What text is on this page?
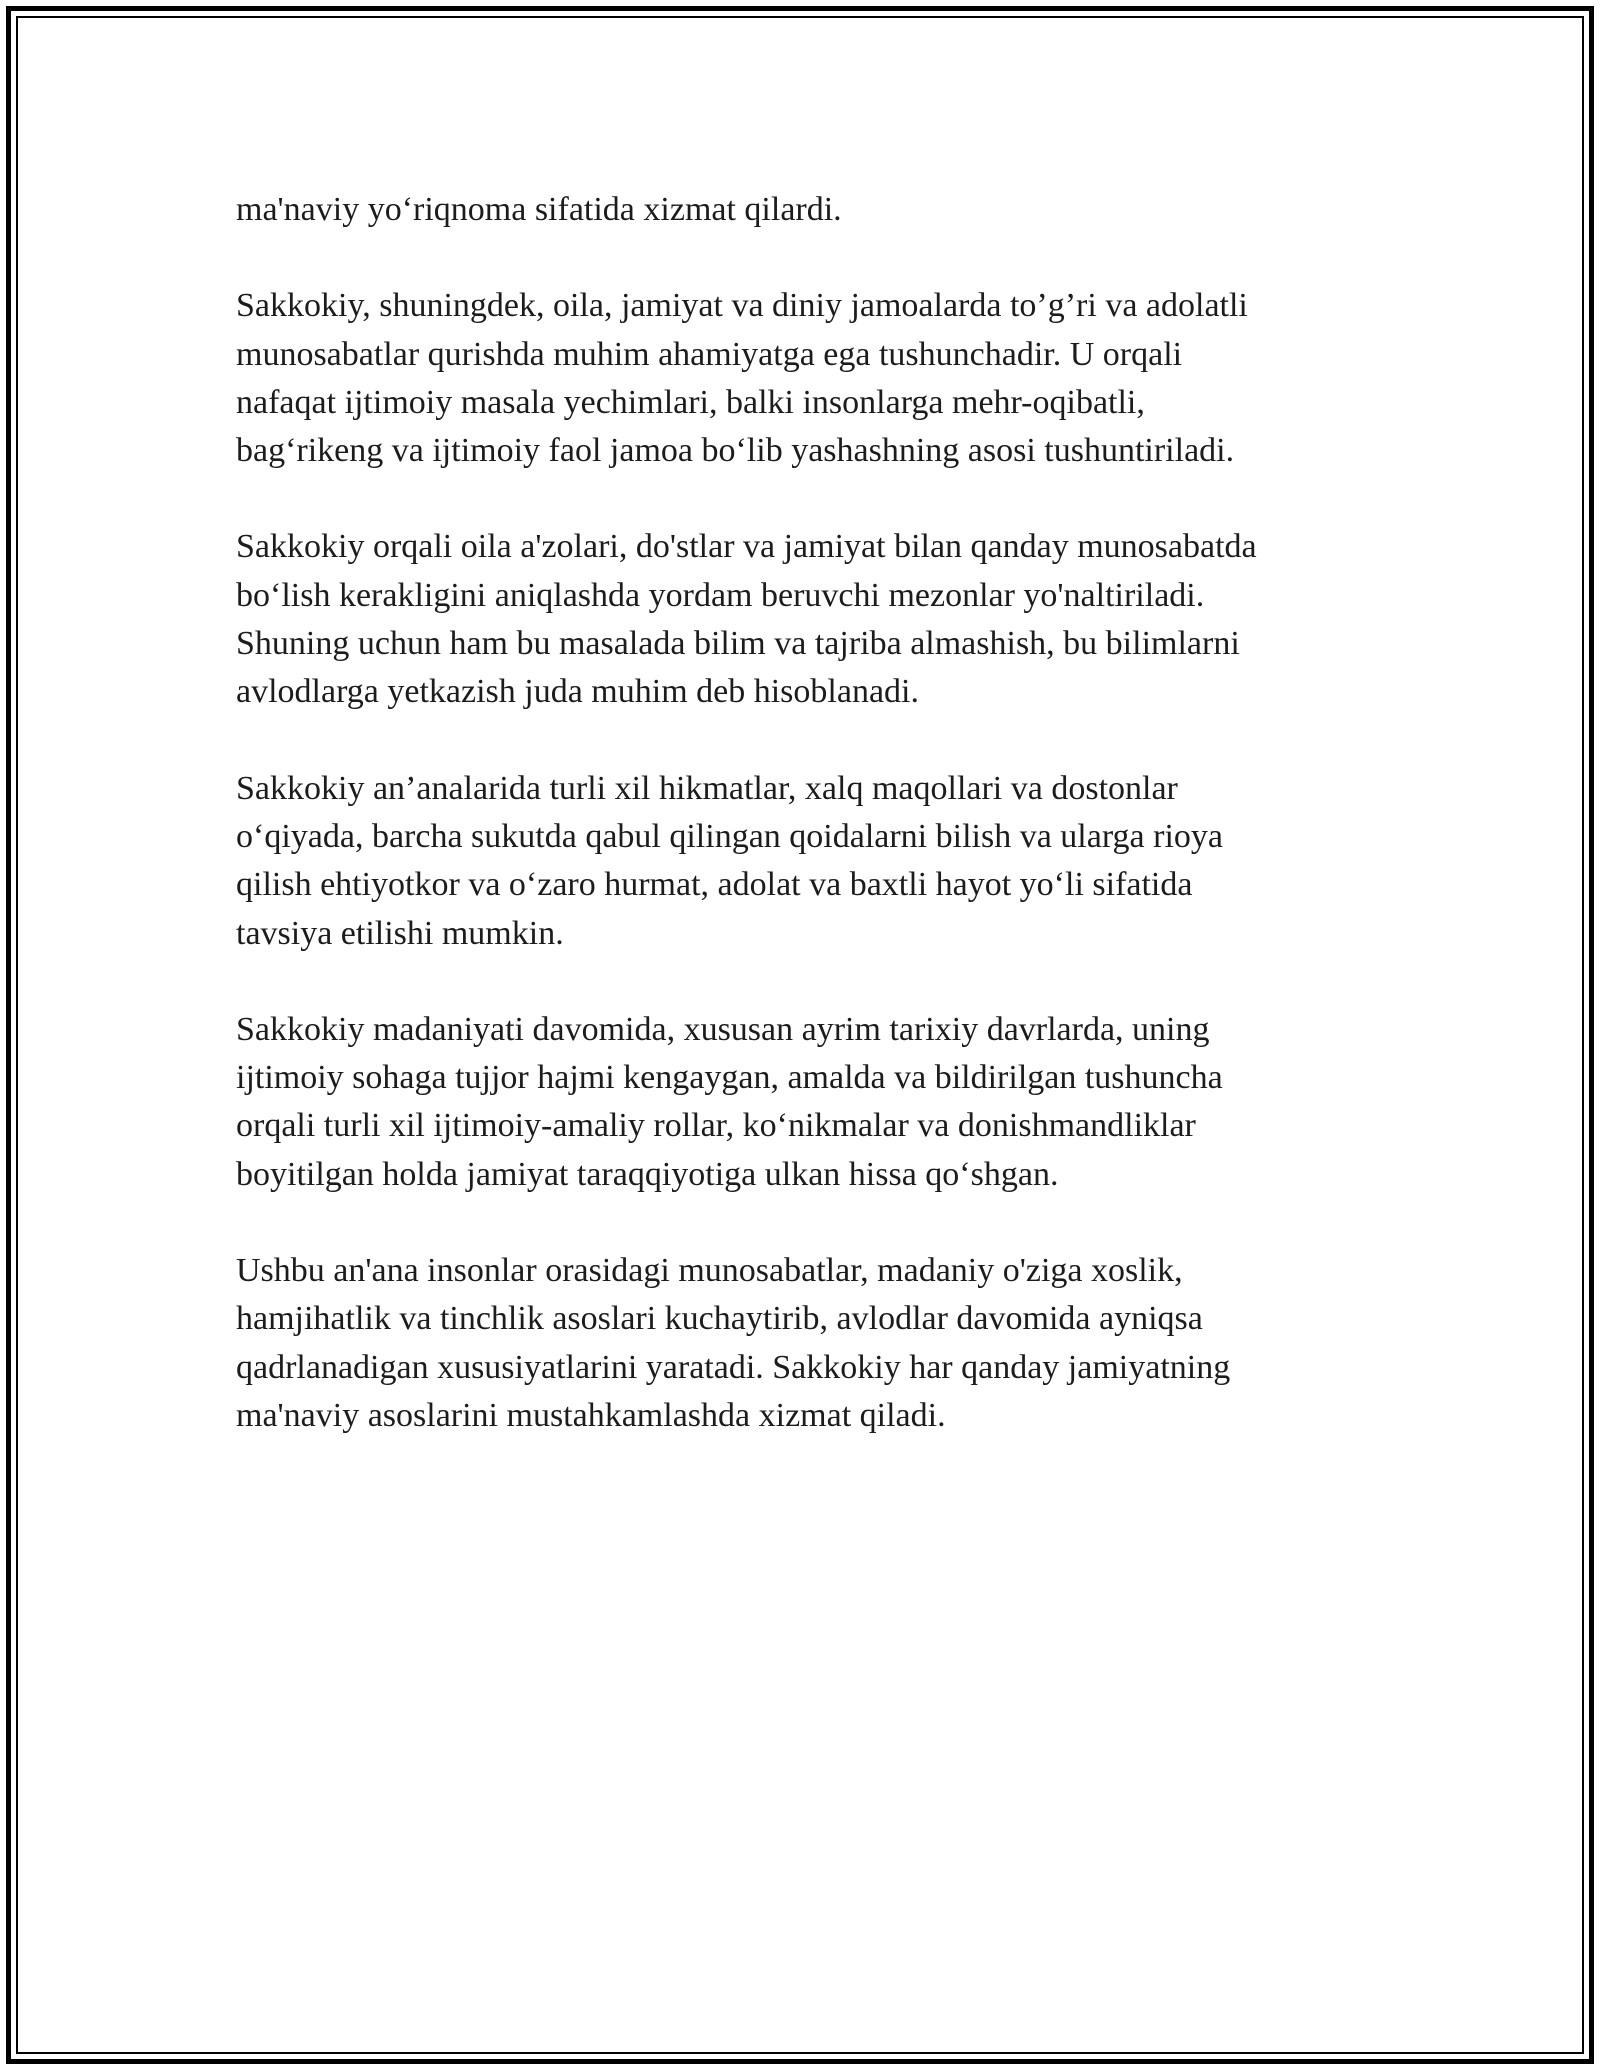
ma'naviy yo‘riqnoma sifatida xizmat qilardi.

Sakkokiy, shuningdek, oila, jamiyat va diniy jamoalarda to’g’ri va adolatli
munosabatlar qurishda muhim ahamiyatga ega tushunchadir. U orqali
nafaqat ijtimoiy masala yechimlari, balki insonlarga mehr-oqibatli,
bag‘rikeng va ijtimoiy faol jamoa bo‘lib yashashning asosi tushuntiriladi.

Sakkokiy orqali oila a'zolari, do'stlar va jamiyat bilan qanday munosabatda
bo‘lish kerakligini aniqlashda yordam beruvchi mezonlar yo'naltiriladi.
Shuning uchun ham bu masalada bilim va tajriba almashish, bu bilimlarni
avlodlarga yetkazish juda muhim deb hisoblanadi.

Sakkokiy an’analarida turli xil hikmatlar, xalq maqollari va dostonlar
o‘qiyada, barcha sukutda qabul qilingan qoidalarni bilish va ularga rioya
qilish ehtiyotkor va o‘zaro hurmat, adolat va baxtli hayot yo‘li sifatida
tavsiya etilishi mumkin.

Sakkokiy madaniyati davomida, xususan ayrim tarixiy davrlarda, uning
ijtimoiy sohaga tujjor hajmi kengaygan, amalda va bildirilgan tushuncha
orqali turli xil ijtimoiy-amaliy rollar, ko‘nikmalar va donishmandliklar
boyitilgan holda jamiyat taraqqiyotiga ulkan hissa qo‘shgan.

Ushbu an'ana insonlar orasidagi munosabatlar, madaniy o'ziga xoslik,
hamjihatlik va tinchlik asoslari kuchaytirib, avlodlar davomida ayniqsa
qadrlanadigan xususiyatlarini yaratadi. Sakkokiy har qanday jamiyatning
ma'naviy asoslarini mustahkamlashda xizmat qiladi.
